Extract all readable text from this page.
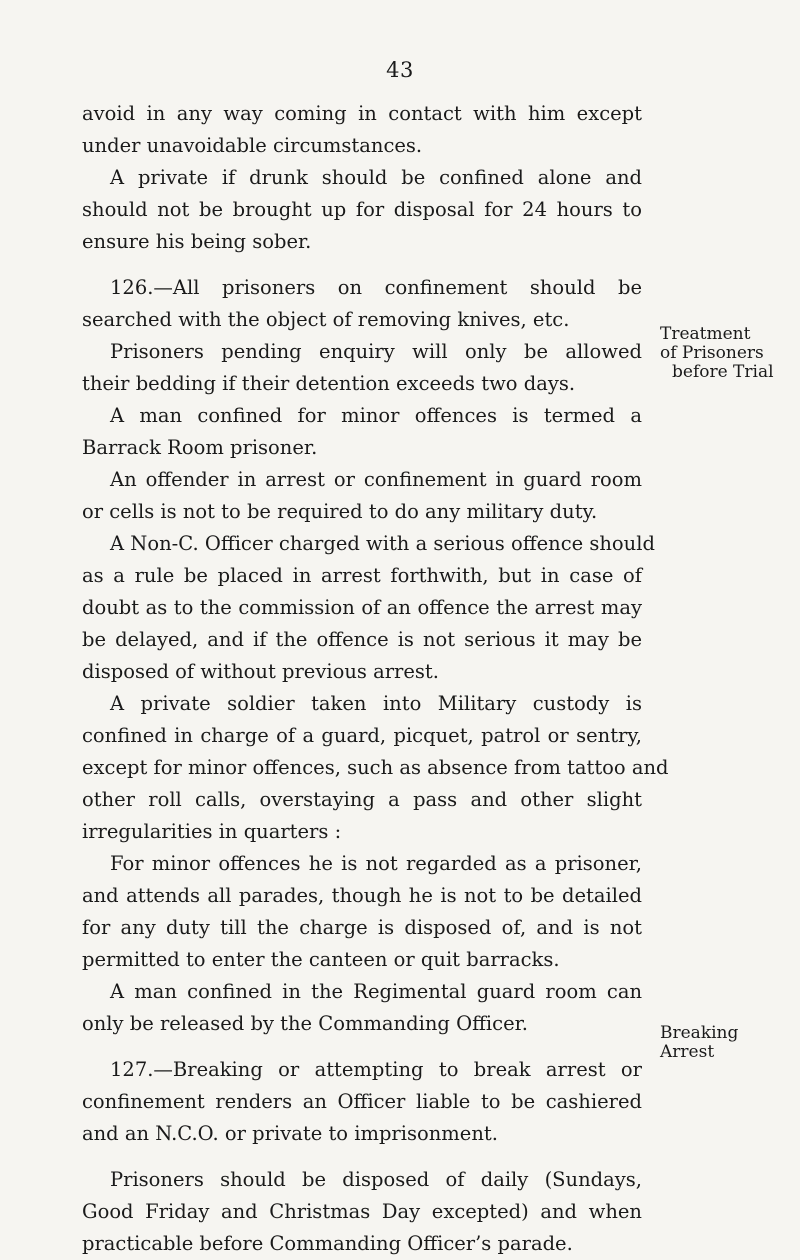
43
avoid in any way coming in contact with him except
under unavoidable circumstances.
A private if drunk should be confined alone and
should not be brought up for disposal for 24 hours to
ensure his being sober.
126.—All prisoners on confinement should be
searched with the object of removing knives, etc.
Prisoners pending enquiry will only be allowed
their bedding if their detention exceeds two days.
A man confined for minor offences is termed a
Barrack Room prisoner.
An offender in arrest or confinement in guard room
or cells is not to be required to do any military duty.
A Non-C. Officer charged with a serious offence should
as a rule be placed in arrest forthwith, but in case of
doubt as to the commission of an offence the arrest may
be delayed, and if the offence is not serious it may be
disposed of without previous arrest.
A private soldier taken into Military custody is
confined in charge of a guard, picquet, patrol or sentry,
except for minor offences, such as absence from tattoo and
other roll calls, overstaying a pass and other slight
irregularities in quarters :
For minor offences he is not regarded as a prisoner,
and attends all parades, though he is not to be detailed
for any duty till the charge is disposed of, and is not
permitted to enter the canteen or quit barracks.
A man confined in the Regimental guard room can
only be released by the Commanding Officer.
127.—Breaking or attempting to break arrest or
confinement renders an Officer liable to be cashiered
and an N.C.O. or private to imprisonment.
Prisoners should be disposed of daily (Sundays,
Good Friday and Christmas Day excepted) and when
practicable before Commanding Officer’s parade.
Treatment
of Prisoners
before Trial
Breaking
Arrest
